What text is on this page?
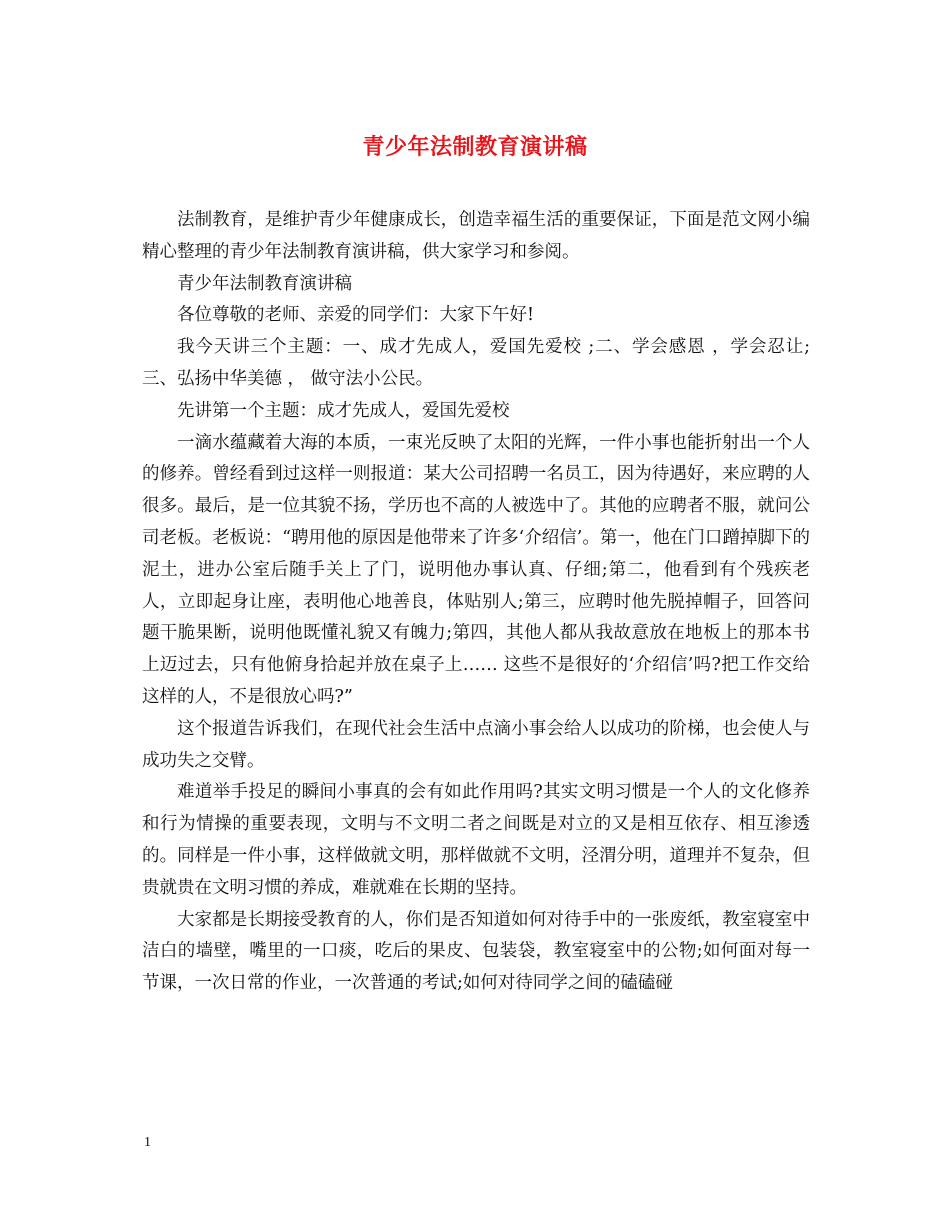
青少年法制教育演讲稿

法制教育，是维护青少年健康成长，创造幸福生活的重要保证，下面是范文网小编精心整理的青少年法制教育演讲稿，供大家学习和参阅。

青少年法制教育演讲稿

各位尊敬的老师、亲爱的同学们：大家下午好!

我今天讲三个主题：一、成才先成人，爱国先爱校 ;二、学会感恩 ，学会忍让;三、弘扬中华美德 ， 做守法小公民。

先讲第一个主题：成才先成人，爱国先爱校

一滴水蕴藏着大海的本质，一束光反映了太阳的光辉，一件小事也能折射出一个人的修养。曾经看到过这样一则报道：某大公司招聘一名员工，因为待遇好，来应聘的人很多。最后，是一位其貌不扬，学历也不高的人被选中了。其他的应聘者不服，就问公司老板。老板说：“聘用他的原因是他带来了许多‘介绍信’。第一，他在门口蹭掉脚下的泥土，进办公室后随手关上了门，说明他办事认真、仔细;第二，他看到有个残疾老人，立即起身让座，表明他心地善良，体贴别人;第三，应聘时他先脱掉帽子，回答问题干脆果断，说明他既懂礼貌又有魄力;第四，其他人都从我故意放在地板上的那本书上迈过去，只有他俯身拾起并放在桌子上…… 这些不是很好的‘介绍信’吗?把工作交给这样的人，不是很放心吗?”

这个报道告诉我们，在现代社会生活中点滴小事会给人以成功的阶梯，也会使人与成功失之交臂。

难道举手投足的瞬间小事真的会有如此作用吗?其实文明习惯是一个人的文化修养和行为情操的重要表现，文明与不文明二者之间既是对立的又是相互依存、相互渗透的。同样是一件小事，这样做就文明，那样做就不文明，泾渭分明，道理并不复杂，但贵就贵在文明习惯的养成，难就难在长期的坚持。

大家都是长期接受教育的人，你们是否知道如何对待手中的一张废纸，教室寝室中洁白的墙壁，嘴里的一口痰，吃后的果皮、包装袋，教室寝室中的公物;如何面对每一节课，一次日常的作业，一次普通的考试;如何对待同学之间的磕磕碰

1
